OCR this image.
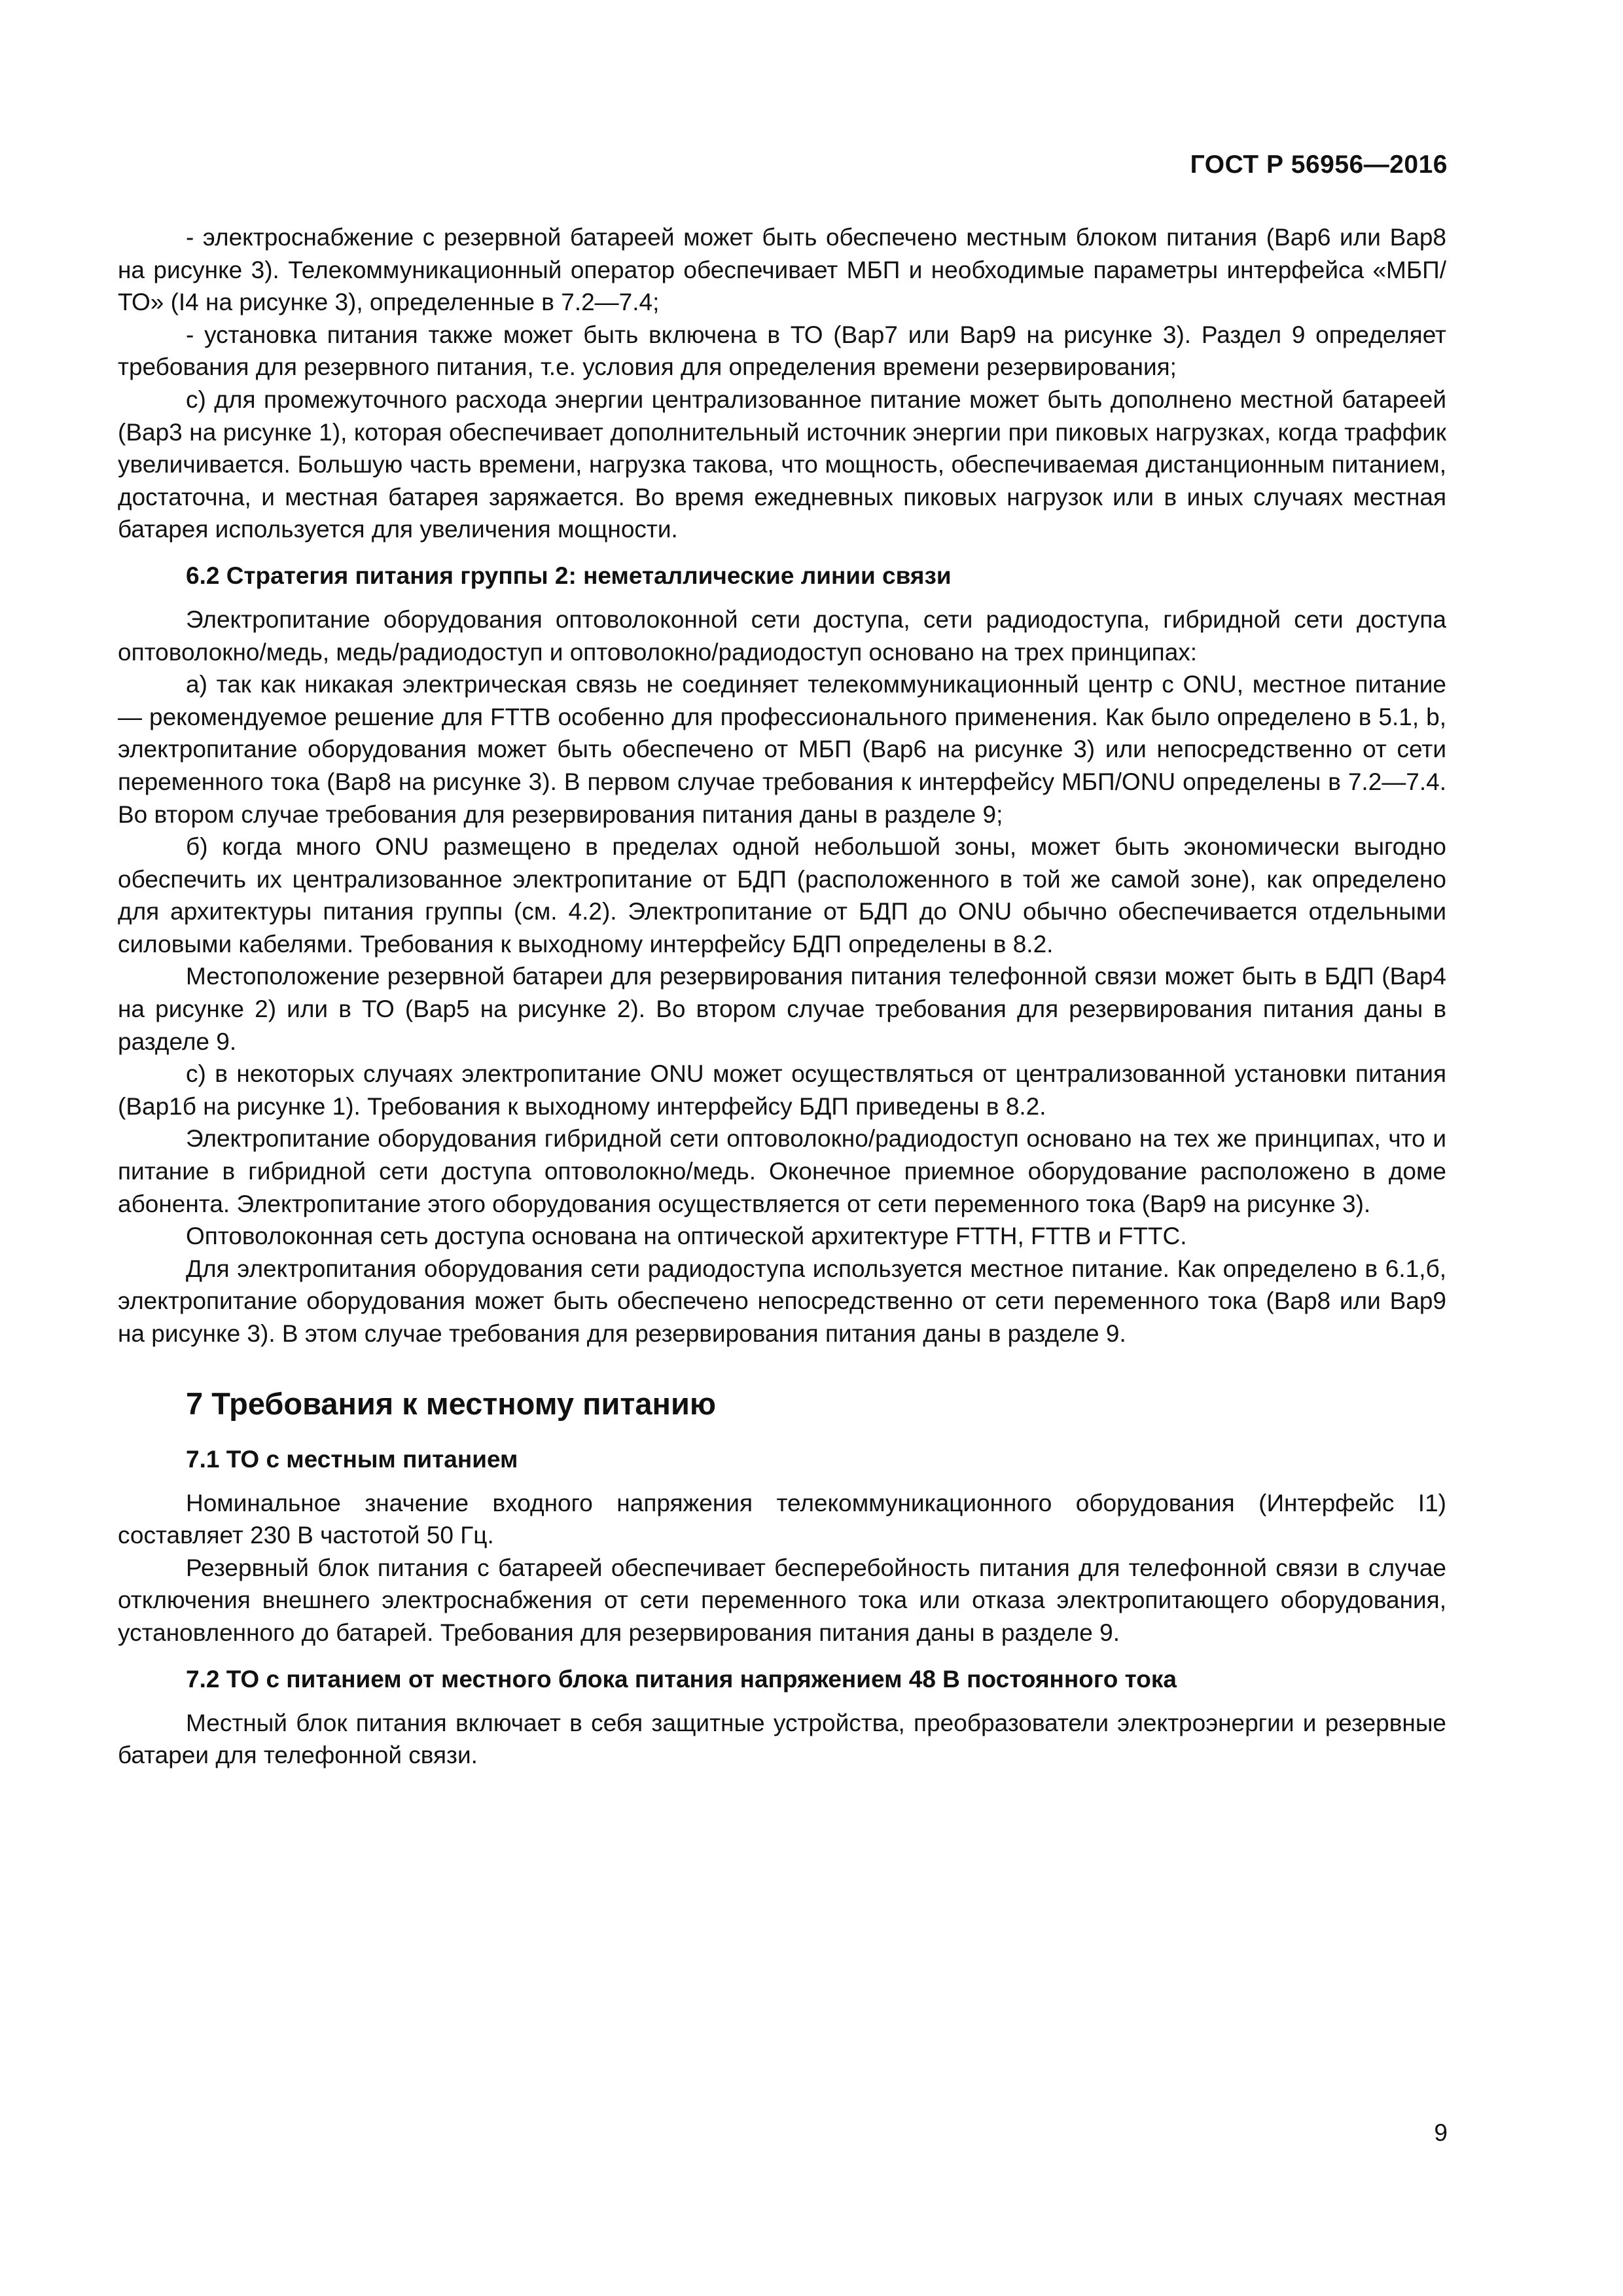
ГОСТ Р 56956—2016

- электроснабжение с резервной батареей может быть обеспечено местным блоком питания (Вар6 или Вар8 на рисунке 3). Телекоммуникационный оператор обеспечивает МБП и необходимые параметры интерфейса «МБП/ТО» (I4 на рисунке 3), определенные в 7.2—7.4;

- установка питания также может быть включена в ТО (Вар7 или Вар9 на рисунке 3). Раздел 9 определяет требования для резервного питания, т.е. условия для определения времени резервирования;

с) для промежуточного расхода энергии централизованное питание может быть дополнено местной батареей (Вар3 на рисунке 1), которая обеспечивает дополнительный источник энергии при пиковых нагрузках, когда траффик увеличивается. Большую часть времени, нагрузка такова, что мощность, обеспечиваемая дистанционным питанием, достаточна, и местная батарея заряжается. Во время ежедневных пиковых нагрузок или в иных случаях местная батарея используется для увеличения мощности.

6.2 Стратегия питания группы 2: неметаллические линии связи

Электропитание оборудования оптоволоконной сети доступа, сети радиодоступа, гибридной сети доступа оптоволокно/медь, медь/радиодоступ и оптоволокно/радиодоступ основано на трех принципах:

а) так как никакая электрическая связь не соединяет телекоммуникационный центр с ONU, местное питание — рекомендуемое решение для FTTB особенно для профессионального применения. Как было определено в 5.1, b, электропитание оборудования может быть обеспечено от МБП (Вар6 на рисунке 3) или непосредственно от сети переменного тока (Вар8 на рисунке 3). В первом случае требования к интерфейсу МБП/ONU определены в 7.2—7.4. Во втором случае требования для резервирования питания даны в разделе 9;

б) когда много ONU размещено в пределах одной небольшой зоны, может быть экономически выгодно обеспечить их централизованное электропитание от БДП (расположенного в той же самой зоне), как определено для архитектуры питания группы (см. 4.2). Электропитание от БДП до ONU обычно обеспечивается отдельными силовыми кабелями. Требования к выходному интерфейсу БДП определены в 8.2.

Местоположение резервной батареи для резервирования питания телефонной связи может быть в БДП (Вар4 на рисунке 2) или в ТО (Вар5 на рисунке 2). Во втором случае требования для резервирования питания даны в разделе 9.

с) в некоторых случаях электропитание ONU может осуществляться от централизованной установки питания (Вар1б на рисунке 1). Требования к выходному интерфейсу БДП приведены в 8.2.

Электропитание оборудования гибридной сети оптоволокно/радиодоступ основано на тех же принципах, что и питание в гибридной сети доступа оптоволокно/медь. Оконечное приемное оборудование расположено в доме абонента. Электропитание этого оборудования осуществляется от сети переменного тока (Вар9 на рисунке 3).

Оптоволоконная сеть доступа основана на оптической архитектуре FTTH, FTTB и FTTC.

Для электропитания оборудования сети радиодоступа используется местное питание. Как определено в 6.1,б, электропитание оборудования может быть обеспечено непосредственно от сети переменного тока (Вар8 или Вар9 на рисунке 3). В этом случае требования для резервирования питания даны в разделе 9.

7 Требования к местному питанию
7.1 ТО с местным питанием

Номинальное значение входного напряжения телекоммуникационного оборудования (Интерфейс I1) составляет 230 В частотой 50 Гц.

Резервный блок питания с батареей обеспечивает бесперебойность питания для телефонной связи в случае отключения внешнего электроснабжения от сети переменного тока или отказа электропитающего оборудования, установленного до батарей. Требования для резервирования питания даны в разделе 9.

7.2 ТО с питанием от местного блока питания напряжением 48 В постоянного тока

Местный блок питания включает в себя защитные устройства, преобразователи электроэнергии и резервные батареи для телефонной связи.

9
